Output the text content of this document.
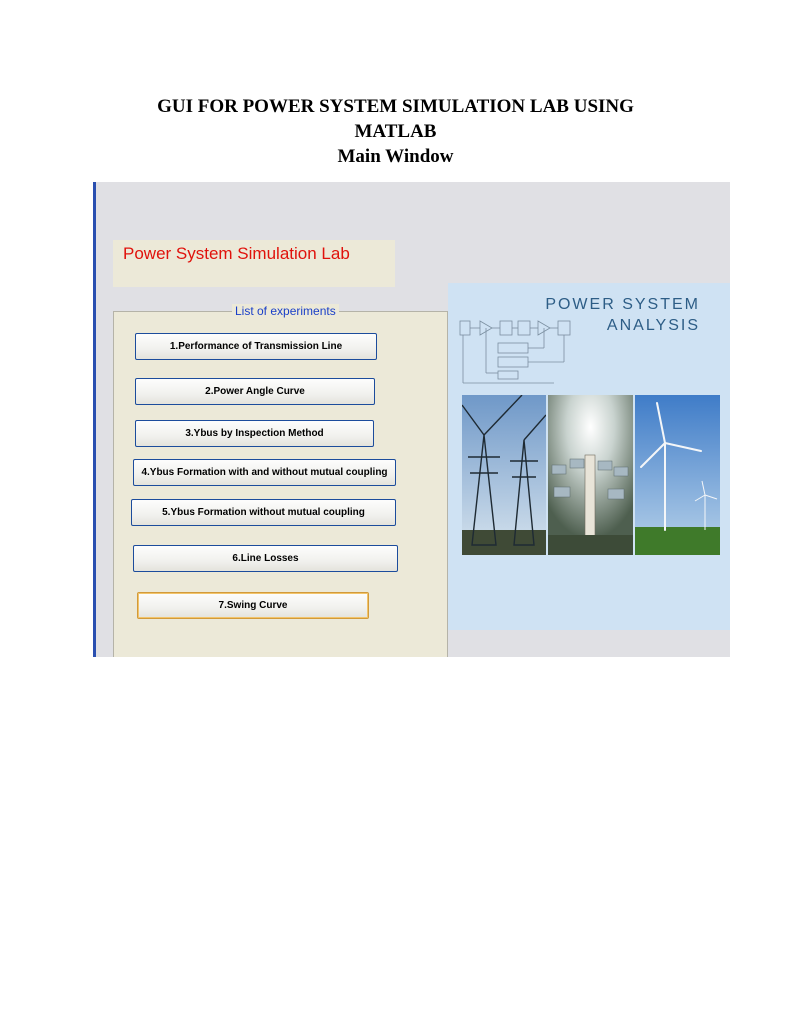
GUI FOR POWER SYSTEM SIMULATION LAB USING
MATLAB
Main Window
Power System Simulation Lab
List of experiments
1.Performance of Transmission Line
2.Power Angle Curve
3.Ybus by Inspection Method
4.Ybus Formation with and without mutual coupling
5.Ybus Formation without mutual coupling
6.Line Losses
7.Swing Curve
POWER SYSTEM
ANALYSIS
